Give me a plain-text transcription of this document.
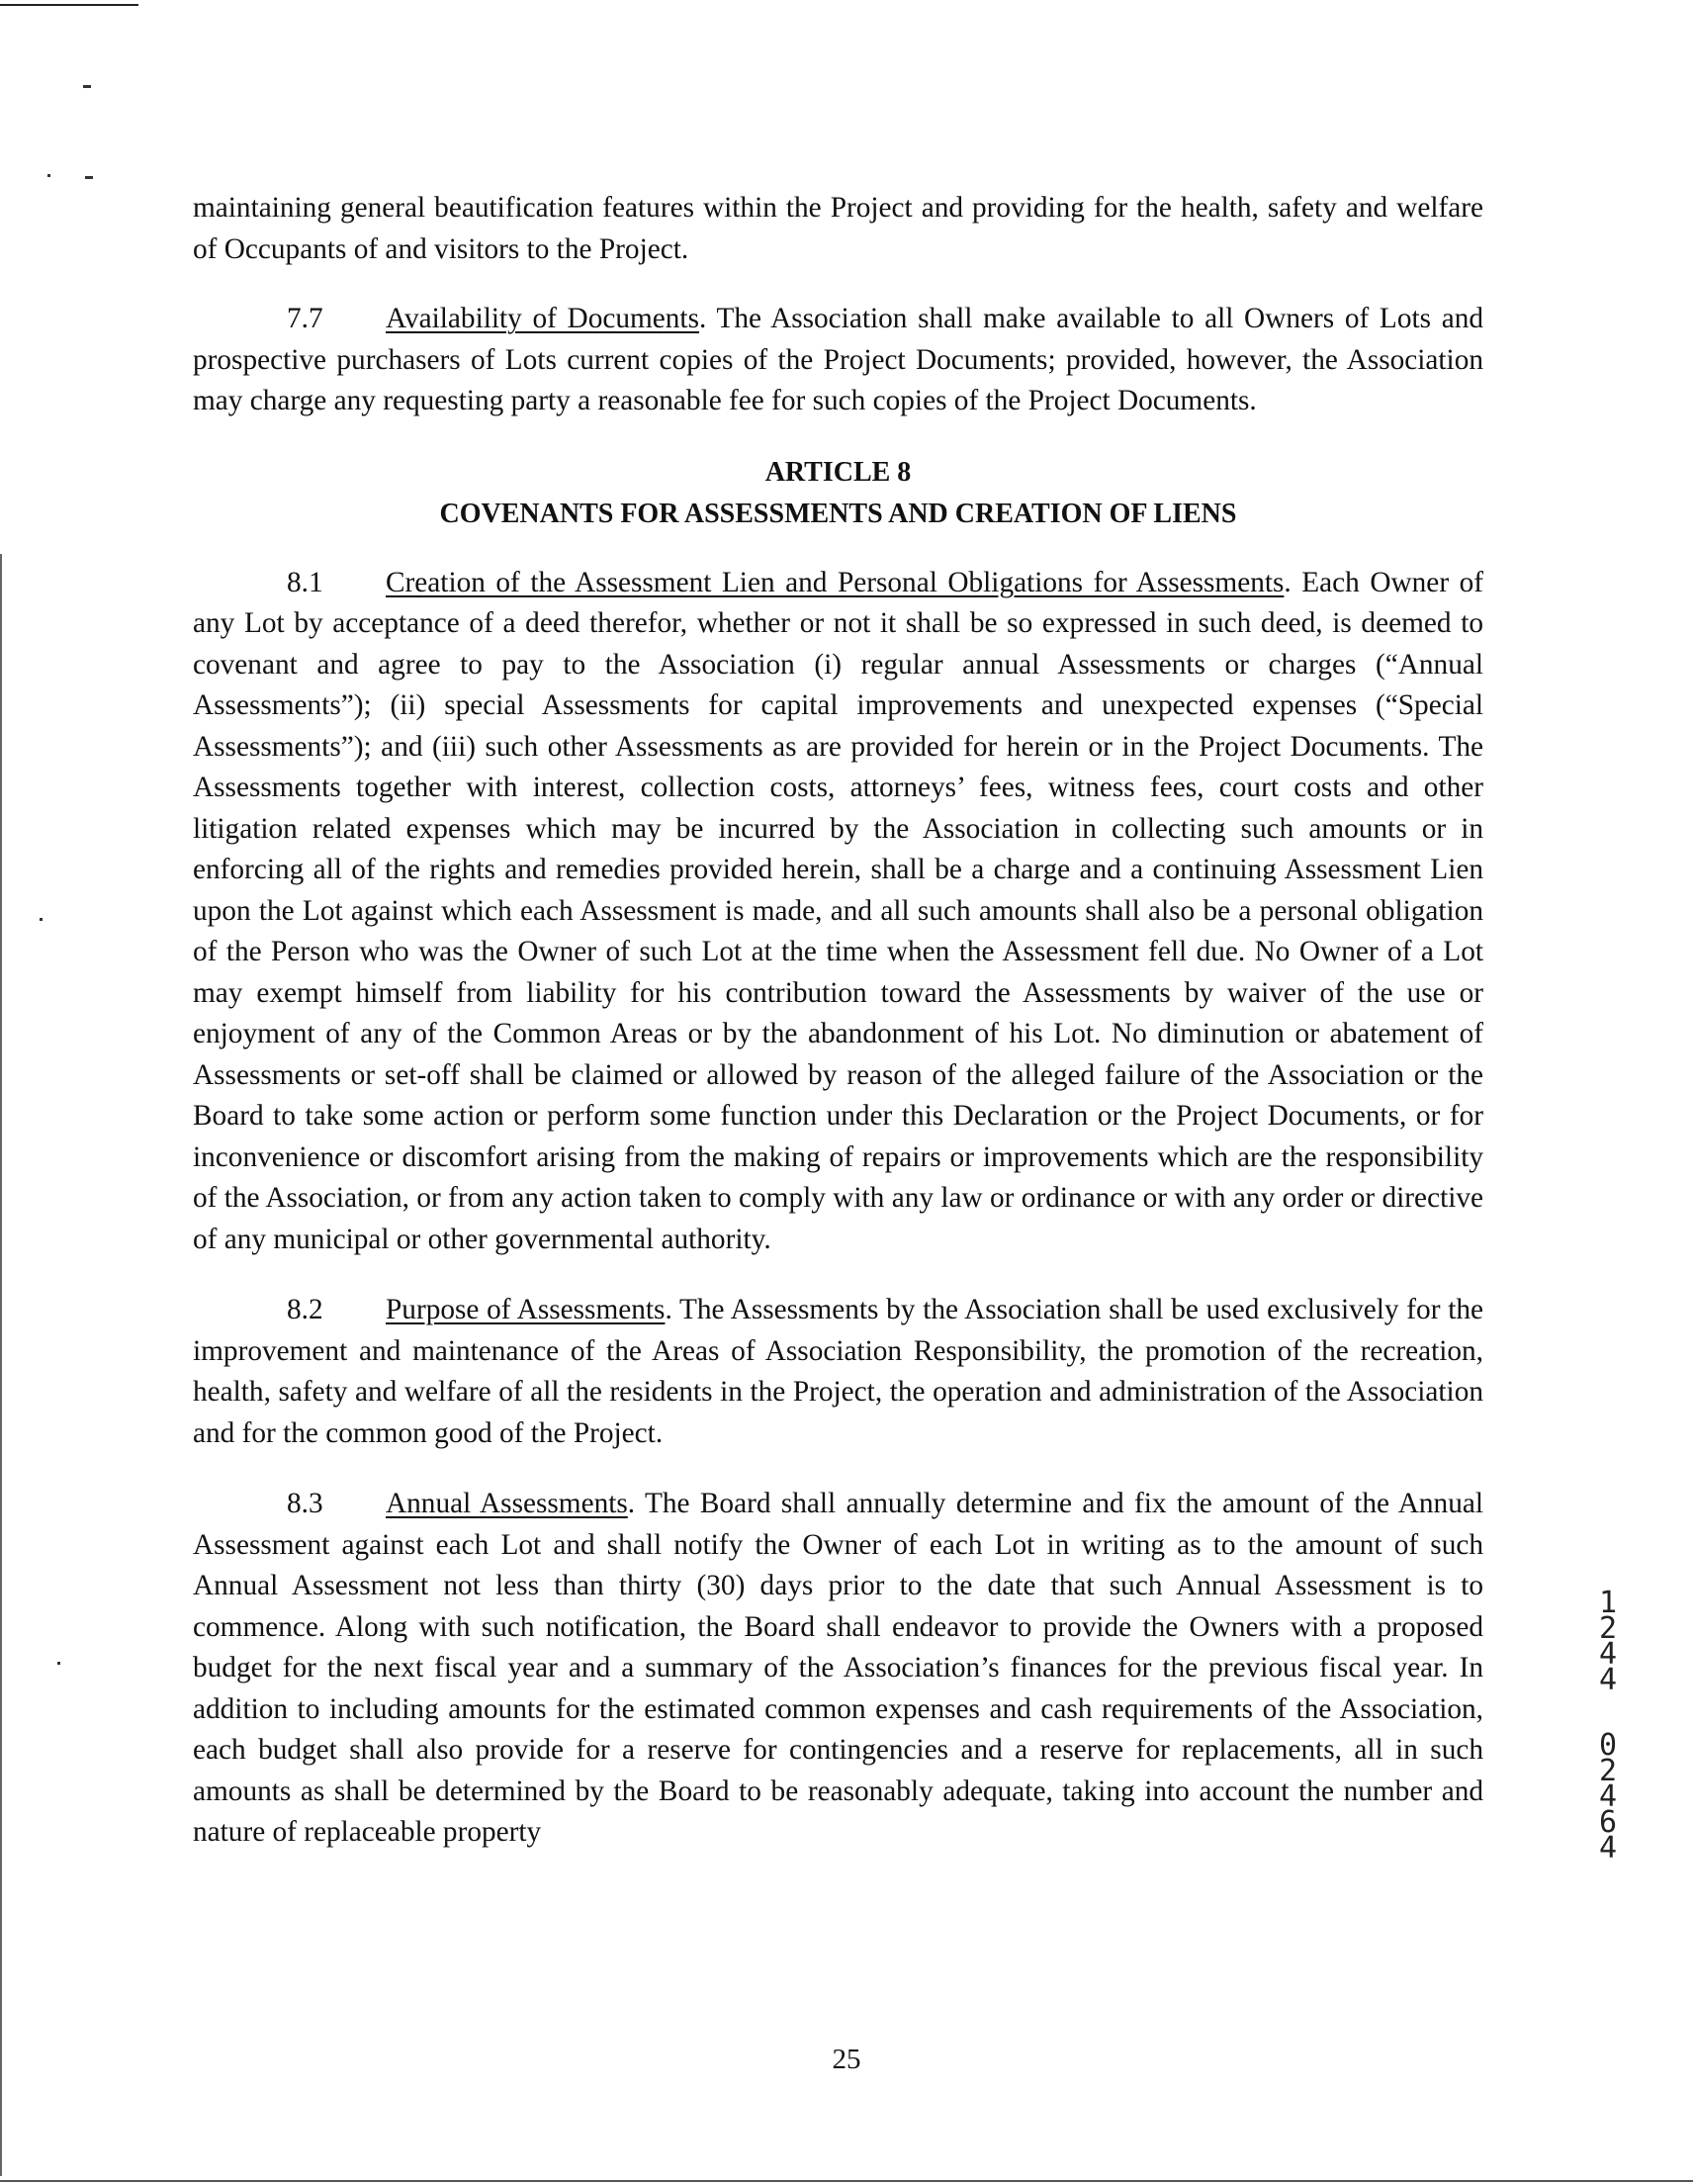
maintaining general beautification features within the Project and providing for the health, safety and welfare of Occupants of and visitors to the Project.

7.7 Availability of Documents. The Association shall make available to all Owners of Lots and prospective purchasers of Lots current copies of the Project Documents; provided, however, the Association may charge any requesting party a reasonable fee for such copies of the Project Documents.

ARTICLE 8
COVENANTS FOR ASSESSMENTS AND CREATION OF LIENS

8.1 Creation of the Assessment Lien and Personal Obligations for Assessments. Each Owner of any Lot by acceptance of a deed therefor, whether or not it shall be so expressed in such deed, is deemed to covenant and agree to pay to the Association (i) regular annual Assessments or charges (“Annual Assessments”); (ii) special Assessments for capital improvements and unexpected expenses (“Special Assessments”); and (iii) such other Assessments as are provided for herein or in the Project Documents. The Assessments together with interest, collection costs, attorneys’ fees, witness fees, court costs and other litigation related expenses which may be incurred by the Association in collecting such amounts or in enforcing all of the rights and remedies provided herein, shall be a charge and a continuing Assessment Lien upon the Lot against which each Assessment is made, and all such amounts shall also be a personal obligation of the Person who was the Owner of such Lot at the time when the Assessment fell due. No Owner of a Lot may exempt himself from liability for his contribution toward the Assessments by waiver of the use or enjoyment of any of the Common Areas or by the abandonment of his Lot. No diminution or abatement of Assessments or set-off shall be claimed or allowed by reason of the alleged failure of the Association or the Board to take some action or perform some function under this Declaration or the Project Documents, or for inconvenience or discomfort arising from the making of repairs or improvements which are the responsibility of the Association, or from any action taken to comply with any law or ordinance or with any order or directive of any municipal or other governmental authority.

8.2 Purpose of Assessments. The Assessments by the Association shall be used exclusively for the improvement and maintenance of the Areas of Association Responsibility, the promotion of the recreation, health, safety and welfare of all the residents in the Project, the operation and administration of the Association and for the common good of the Project.

8.3 Annual Assessments. The Board shall annually determine and fix the amount of the Annual Assessment against each Lot and shall notify the Owner of each Lot in writing as to the amount of such Annual Assessment not less than thirty (30) days prior to the date that such Annual Assessment is to commence. Along with such notification, the Board shall endeavor to provide the Owners with a proposed budget for the next fiscal year and a summary of the Association’s finances for the previous fiscal year. In addition to including amounts for the estimated common expenses and cash requirements of the Association, each budget shall also provide for a reserve for contingencies and a reserve for replacements, all in such amounts as shall be determined by the Board to be reasonably adequate, taking into account the number and nature of replaceable property

1
2
4
4
0
2
4
6
4
25
